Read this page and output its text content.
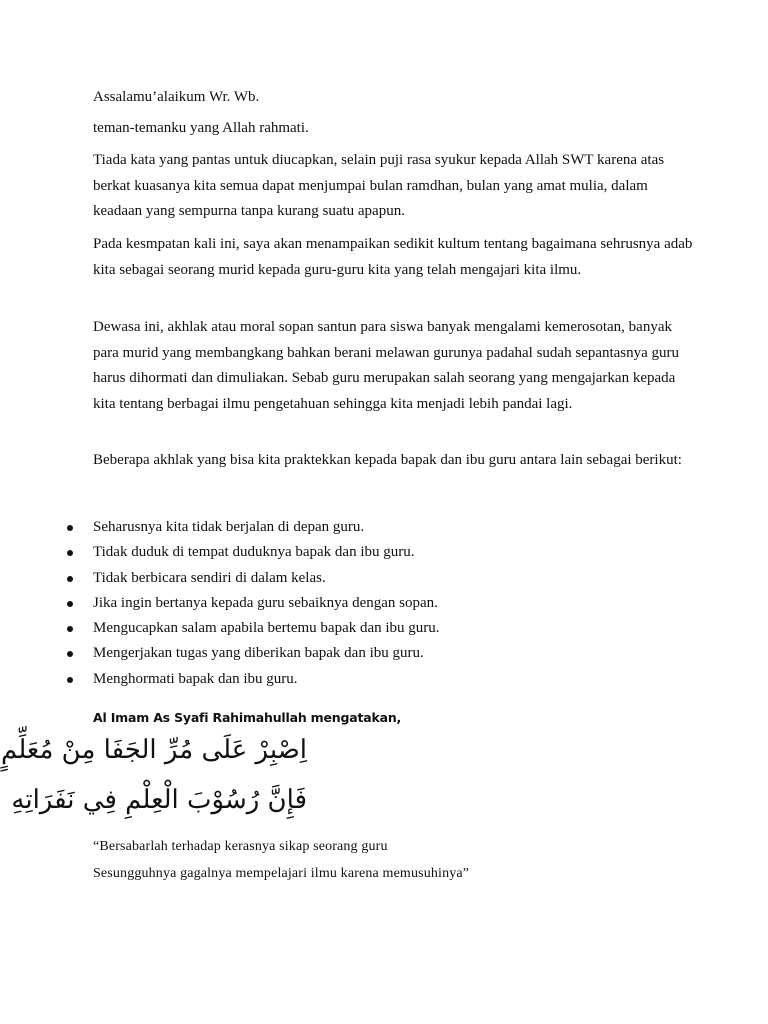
Assalamu’alaikum Wr. Wb.

teman-temanku yang Allah rahmati.

Tiada kata yang pantas untuk diucapkan, selain puji rasa syukur kepada Allah SWT karena atas berkat kuasanya kita semua dapat menjumpai bulan ramdhan, bulan yang amat mulia, dalam keadaan yang sempurna tanpa kurang suatu apapun.

Pada kesmpatan kali ini, saya akan menampaikan sedikit kultum tentang bagaimana sehrusnya adab kita sebagai seorang murid kepada guru-guru kita yang telah mengajari kita ilmu.

Dewasa ini, akhlak atau moral sopan santun para siswa banyak mengalami kemerosotan, banyak para murid yang membangkang bahkan berani melawan gurunya padahal sudah sepantasnya guru harus dihormati dan dimuliakan. Sebab guru merupakan salah seorang yang mengajarkan kepada kita tentang berbagai ilmu pengetahuan sehingga kita menjadi lebih pandai lagi.

Beberapa akhlak yang bisa kita praktekkan kepada bapak dan ibu guru antara lain sebagai berikut:

Seharusnya kita tidak berjalan di depan guru.
Tidak duduk di tempat duduknya bapak dan ibu guru.
Tidak berbicara sendiri di dalam kelas.
Jika ingin bertanya kepada guru sebaiknya dengan sopan.
Mengucapkan salam apabila bertemu bapak dan ibu guru.
Mengerjakan tugas yang diberikan bapak dan ibu guru.
Menghormati bapak dan ibu guru.

Al Imam As Syafi Rahimahullah mengatakan,

اِصْبِرْ عَلَى مُرِّ الجَفَا مِنْ مُعَلِّمٍ

فَإِنَّ رُسُوْبَ الْعِلْمِ فِي نَفَرَاتِهِ

“Bersabarlah terhadap kerasnya sikap seorang guru
Sesungguhnya gagalnya mempelajari ilmu karena memusuhinya”
